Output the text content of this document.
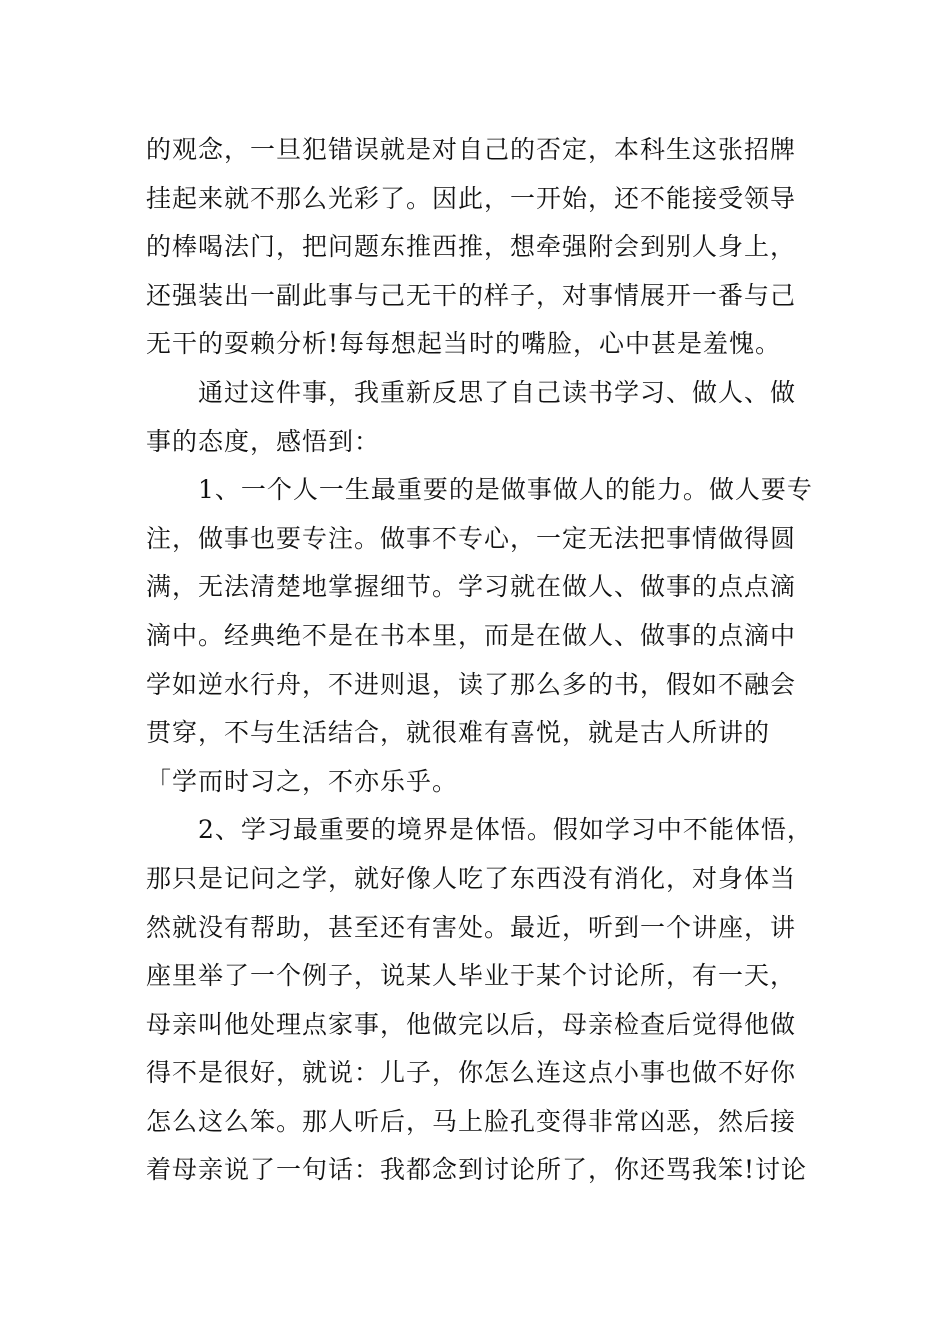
的观念，一旦犯错误就是对自己的否定，本科生这张招牌
挂起来就不那么光彩了。因此，一开始，还不能接受领导
的棒喝法门，把问题东推西推，想牵强附会到别人身上，
还强装出一副此事与己无干的样子，对事情展开一番与己
无干的耍赖分析!每每想起当时的嘴脸，心中甚是羞愧。
通过这件事，我重新反思了自己读书学习、做人、做
事的态度，感悟到：
1、一个人一生最重要的是做事做人的能力。做人要专
注，做事也要专注。做事不专心，一定无法把事情做得圆
满，无法清楚地掌握细节。学习就在做人、做事的点点滴
滴中。经典绝不是在书本里，而是在做人、做事的点滴中
学如逆水行舟，不进则退，读了那么多的书，假如不融会
贯穿，不与生活结合，就很难有喜悦，就是古人所讲的
「学而时习之，不亦乐乎。
2、学习最重要的境界是体悟。假如学习中不能体悟，
那只是记问之学，就好像人吃了东西没有消化，对身体当
然就没有帮助，甚至还有害处。最近，听到一个讲座，讲
座里举了一个例子，说某人毕业于某个讨论所，有一天，
母亲叫他处理点家事，他做完以后，母亲检查后觉得他做
得不是很好，就说：儿子，你怎么连这点小事也做不好你
怎么这么笨。那人听后，马上脸孔变得非常凶恶，然后接
着母亲说了一句话：我都念到讨论所了，你还骂我笨!讨论
